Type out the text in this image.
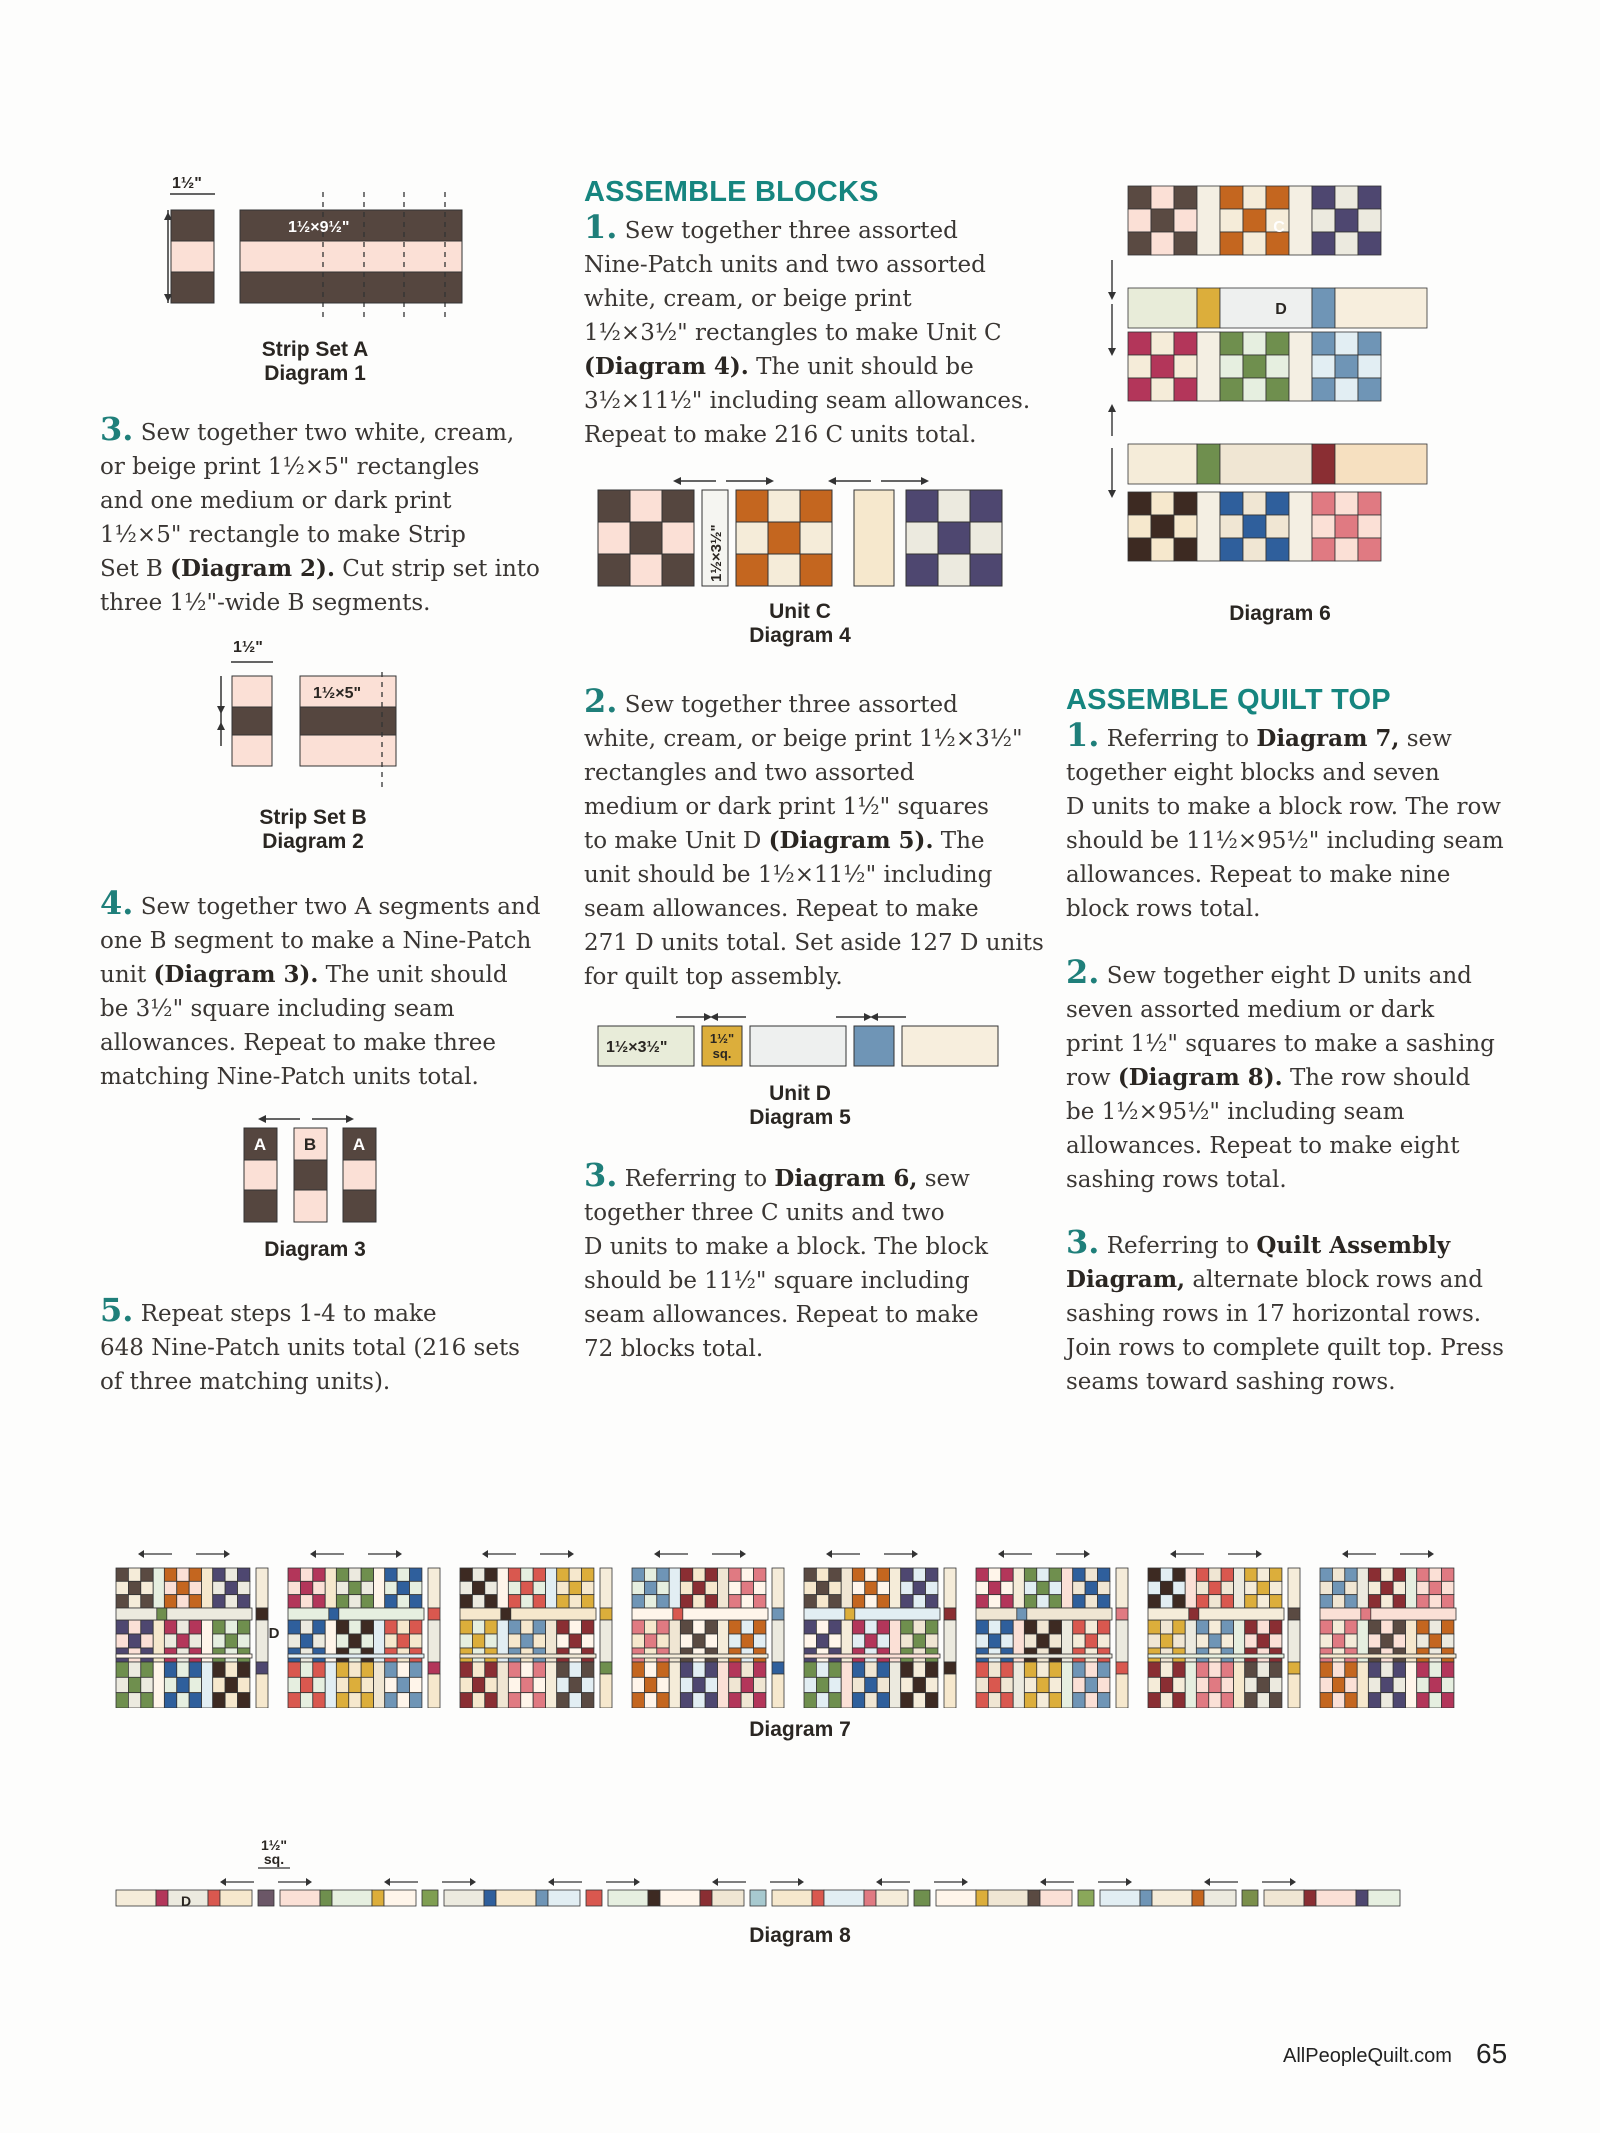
1½"
1½×9½"
Strip Set A
Diagram 1

3. Sew together two white, cream,

or beige print 1½×5" rectangles

and one medium or dark print

1½×5" rectangle to make Strip

Set B (Diagram 2). Cut strip set into

three 1½"-wide B segments.

1½"
1½×5"
Strip Set B
Diagram 2

4. Sew together two A segments and

one B segment to make a Nine-Patch

unit (Diagram 3). The unit should

be 3½" square including seam

allowances. Repeat to make three

matching Nine-Patch units total.

A B A
Diagram 3

5. Repeat steps 1-4 to make

648 Nine-Patch units total (216 sets

of three matching units).

ASSEMBLE BLOCKS

1. Sew together three assorted

Nine-Patch units and two assorted

white, cream, or beige print

1½×3½" rectangles to make Unit C

(Diagram 4). The unit should be

3½×11½" including seam allowances.

Repeat to make 216 C units total.

1½×3½"
Unit C
Diagram 4

2. Sew together three assorted

white, cream, or beige print 1½×3½"

rectangles and two assorted

medium or dark print 1½" squares

to make Unit D (Diagram 5). The

unit should be 1½×11½" including

seam allowances. Repeat to make

271 D units total. Set aside 127 D units

for quilt top assembly.

1½×3½"
1½"
sq.
Unit D
Diagram 5

3. Referring to Diagram 6, sew

together three C units and two

D units to make a block. The block

should be 11½" square including

seam allowances. Repeat to make

72 blocks total.

C
D
Diagram 6
ASSEMBLE QUILT TOP

1. Referring to Diagram 7, sew

together eight blocks and seven

D units to make a block row. The row

should be 11½×95½" including seam

allowances. Repeat to make nine

block rows total.

2. Sew together eight D units and

seven assorted medium or dark

print 1½" squares to make a sashing

row (Diagram 8). The row should

be 1½×95½" including seam

allowances. Repeat to make eight

sashing rows total.

3. Referring to Quilt Assembly

Diagram, alternate block rows and

sashing rows in 17 horizontal rows.

Join rows to complete quilt top. Press

seams toward sashing rows.

D
Diagram 7
1½"
sq.
D
Diagram 8
AllPeopleQuilt.com 65
